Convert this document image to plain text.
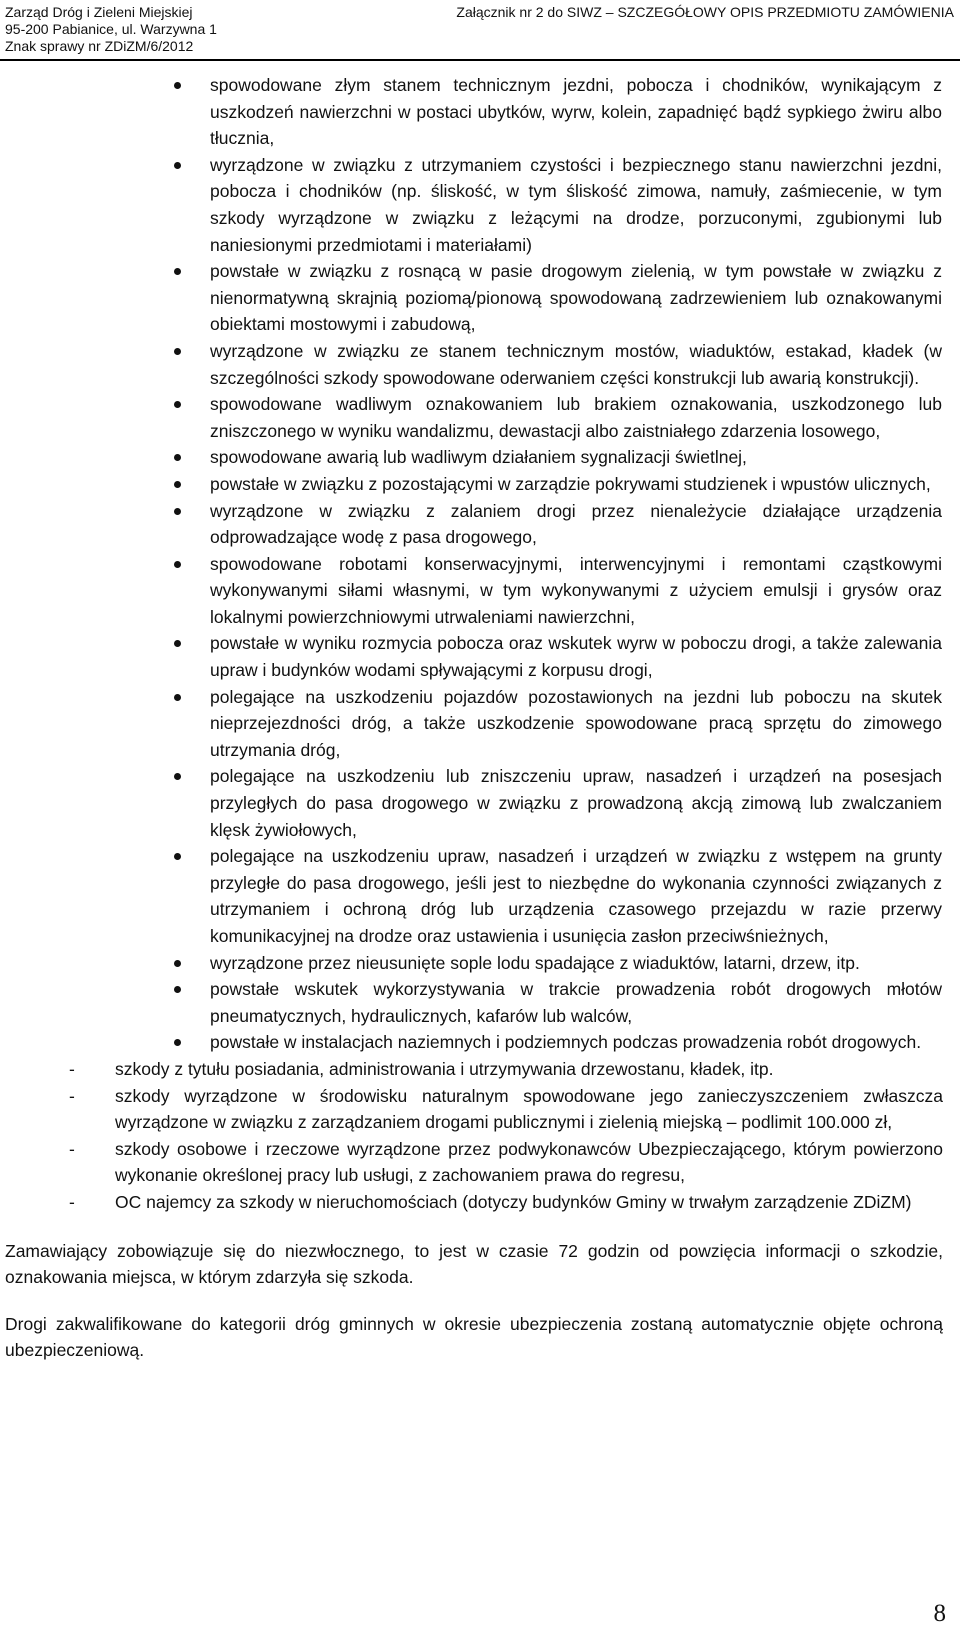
Zarząd Dróg i Zieleni Miejskiej
95-200 Pabianice, ul. Warzywna 1
Znak sprawy nr ZDiZM/6/2012
Załącznik nr 2 do SIWZ – SZCZEGÓŁOWY OPIS PRZEDMIOTU ZAMÓWIENIA
spowodowane złym stanem technicznym jezdni, pobocza i chodników, wynikającym z uszkodzeń nawierzchni w postaci ubytków, wyrw, kolein, zapadnięć bądź sypkiego żwiru albo tłucznia,
wyrządzone w związku z utrzymaniem czystości i bezpiecznego stanu nawierzchni jezdni, pobocza i chodników (np. śliskość, w tym śliskość zimowa, namuły, zaśmiecenie, w tym szkody wyrządzone w związku z leżącymi na drodze, porzuconymi, zgubionymi lub naniesionymi przedmiotami i materiałami)
powstałe w związku z rosnącą w pasie drogowym zielenią, w tym powstałe w związku z nienormatywną skrajnią poziomą/pionową spowodowaną zadrzewieniem lub oznakowanymi obiektami mostowymi i zabudową,
wyrządzone w związku ze stanem technicznym mostów, wiaduktów, estakad, kładek (w szczególności szkody spowodowane oderwaniem części konstrukcji lub awarią konstrukcji).
spowodowane wadliwym oznakowaniem lub brakiem oznakowania, uszkodzonego lub zniszczonego w wyniku wandalizmu, dewastacji albo zaistniałego zdarzenia losowego,
spowodowane awarią lub wadliwym działaniem sygnalizacji świetlnej,
powstałe w związku z pozostającymi w zarządzie pokrywami studzienek i wpustów ulicznych,
wyrządzone w związku z zalaniem drogi przez nienależycie działające urządzenia odprowadzające wodę z pasa drogowego,
spowodowane robotami konserwacyjnymi, interwencyjnymi i remontami cząstkowymi wykonywanymi siłami własnymi, w tym wykonywanymi z użyciem emulsji i grysów oraz lokalnymi powierzchniowymi utrwaleniami nawierzchni,
powstałe w wyniku rozmycia pobocza oraz wskutek wyrw w poboczu drogi, a także zalewania upraw i budynków wodami spływającymi z korpusu drogi,
polegające na uszkodzeniu pojazdów pozostawionych na jezdni lub poboczu na skutek nieprzejezdności dróg, a także uszkodzenie spowodowane pracą sprzętu do zimowego utrzymania dróg,
polegające na uszkodzeniu lub zniszczeniu upraw, nasadzeń i urządzeń na posesjach przyległych do pasa drogowego w związku z prowadzoną akcją zimową lub zwalczaniem klęsk żywiołowych,
polegające na uszkodzeniu upraw, nasadzeń i urządzeń w związku z wstępem na grunty przyległe do pasa drogowego, jeśli jest to niezbędne do wykonania czynności związanych z utrzymaniem i ochroną dróg lub urządzenia czasowego przejazdu w razie przerwy komunikacyjnej na drodze oraz ustawienia i usunięcia zasłon przeciwśnieżnych,
wyrządzone przez nieusunięte sople lodu spadające z wiaduktów, latarni, drzew, itp.
powstałe wskutek wykorzystywania w trakcie prowadzenia robót drogowych młotów pneumatycznych, hydraulicznych, kafarów lub walców,
powstałe w instalacjach naziemnych i podziemnych podczas prowadzenia robót drogowych.
- szkody z tytułu posiadania, administrowania i utrzymywania drzewostanu, kładek, itp.
- szkody wyrządzone w środowisku naturalnym spowodowane jego zanieczyszczeniem zwłaszcza wyrządzone w związku z zarządzaniem drogami publicznymi i zielenią miejską – podlimit 100.000 zł,
- szkody osobowe i rzeczowe wyrządzone przez podwykonawców Ubezpieczającego, którym powierzono wykonanie określonej pracy lub usługi, z zachowaniem prawa do regresu,
- OC najemcy za szkody w nieruchomościach (dotyczy budynków Gminy w trwałym zarządzenie ZDiZM)

Zamawiający zobowiązuje się do niezwłocznego, to jest w czasie 72 godzin od powzięcia informacji o szkodzie, oznakowania miejsca, w którym zdarzyła się szkoda.

Drogi zakwalifikowane do kategorii dróg gminnych w okresie ubezpieczenia zostaną automatycznie objęte ochroną ubezpieczeniową.

8
